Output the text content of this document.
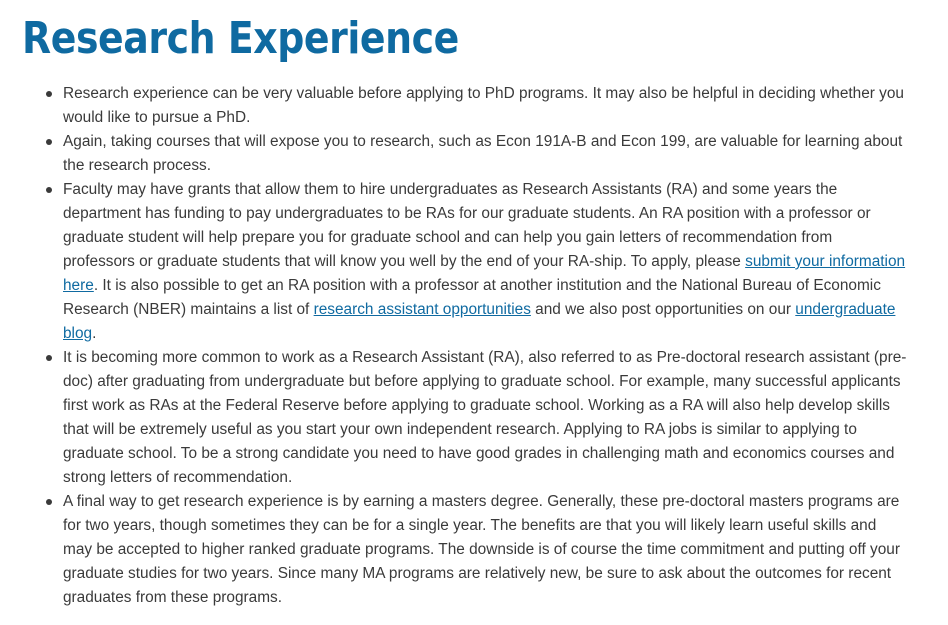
Research Experience
Research experience can be very valuable before applying to PhD programs. It may also be helpful in deciding whether you would like to pursue a PhD.
Again, taking courses that will expose you to research, such as Econ 191A-B and Econ 199, are valuable for learning about the research process.
Faculty may have grants that allow them to hire undergraduates as Research Assistants (RA) and some years the department has funding to pay undergraduates to be RAs for our graduate students. An RA position with a professor or graduate student will help prepare you for graduate school and can help you gain letters of recommendation from professors or graduate students that will know you well by the end of your RA-ship. To apply, please submit your information here. It is also possible to get an RA position with a professor at another institution and the National Bureau of Economic Research (NBER) maintains a list of research assistant opportunities and we also post opportunities on our undergraduate blog.
It is becoming more common to work as a Research Assistant (RA), also referred to as Pre-doctoral research assistant (pre-doc) after graduating from undergraduate but before applying to graduate school. For example, many successful applicants first work as RAs at the Federal Reserve before applying to graduate school. Working as a RA will also help develop skills that will be extremely useful as you start your own independent research. Applying to RA jobs is similar to applying to graduate school. To be a strong candidate you need to have good grades in challenging math and economics courses and strong letters of recommendation.
A final way to get research experience is by earning a masters degree. Generally, these pre-doctoral masters programs are for two years, though sometimes they can be for a single year. The benefits are that you will likely learn useful skills and may be accepted to higher ranked graduate programs. The downside is of course the time commitment and putting off your graduate studies for two years. Since many MA programs are relatively new, be sure to ask about the outcomes for recent graduates from these programs.
